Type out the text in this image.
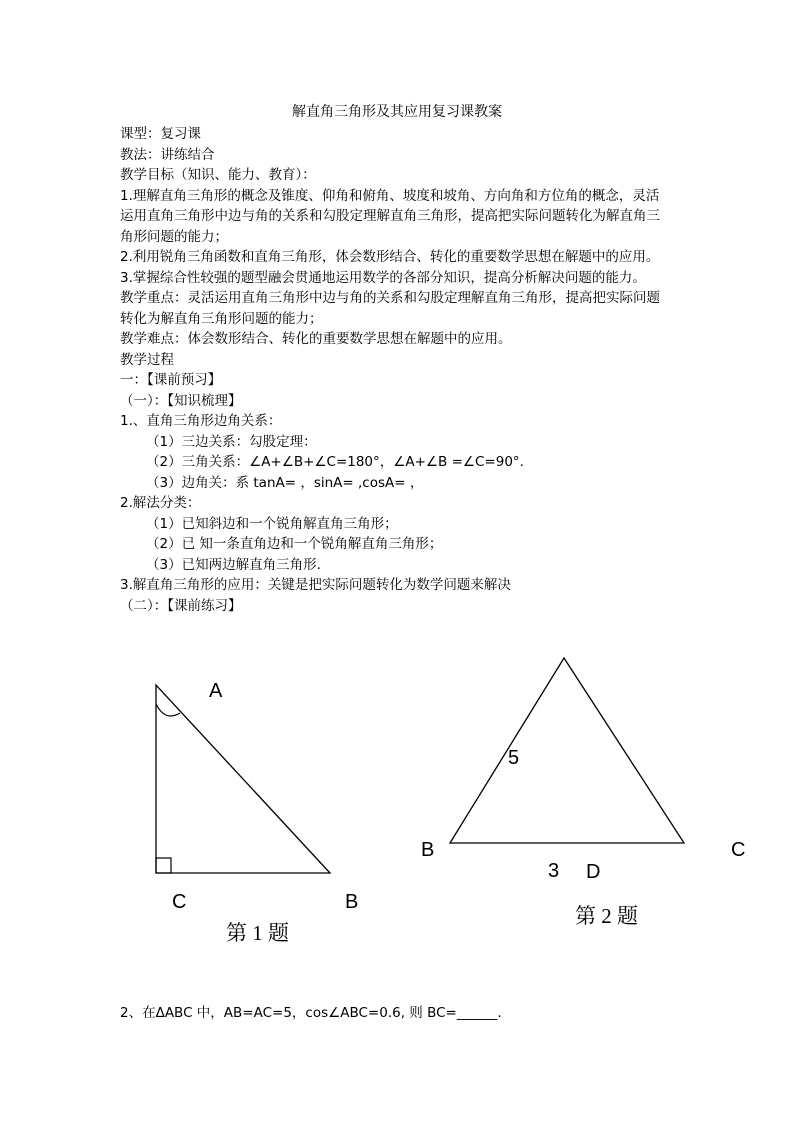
解直角三角形及其应用复习课教案

课型：复习课

教法：讲练结合

教学目标（知识、能力、教育）：

1.理解直角三角形的概念及锥度、仰角和俯角、坡度和坡角、方向角和方位角的概念，灵活

运用直角三角形中边与角的关系和勾股定理解直角三角形，提高把实际问题转化为解直角三

角形问题的能力；

2.利用锐角三角函数和直角三角形，体会数形结合、转化的重要数学思想在解题中的应用。

3.掌握综合性较强的题型融会贯通地运用数学的各部分知识，提高分析解决问题的能力。

教学重点：灵活运用直角三角形中边与角的关系和勾股定理解直角三角形，提高把实际问题

转化为解直角三角形问题的能力；

教学难点：体会数形结合、转化的重要数学思想在解题中的应用。

教学过程

一：【课前预习】

（一）：【知识梳理】

1.、直角三角形边角关系：

（1）三边关系：勾股定理：

（2）三角关系：∠A+∠B+∠C=180°，∠A+∠B =∠C=90°.

（3）边角关：系 tanA= ，sinA= ,cosA= ，

2.解法分类：

（1）已知斜边和一个锐角解直角三角形；

（2）已 知一条直角边和一个锐角解直角三角形；

（3）已知两边解直角三角形.

3.解直角三角形的应用：关键是把实际问题转化为数学问题来解决

（二）：【课前练习】

A
C	B
第 1 题
5
B	C
3 D
第 2 题
2、在ΔABC 中，AB=AC=5，cos∠ABC=0.6, 则 BC=______.
